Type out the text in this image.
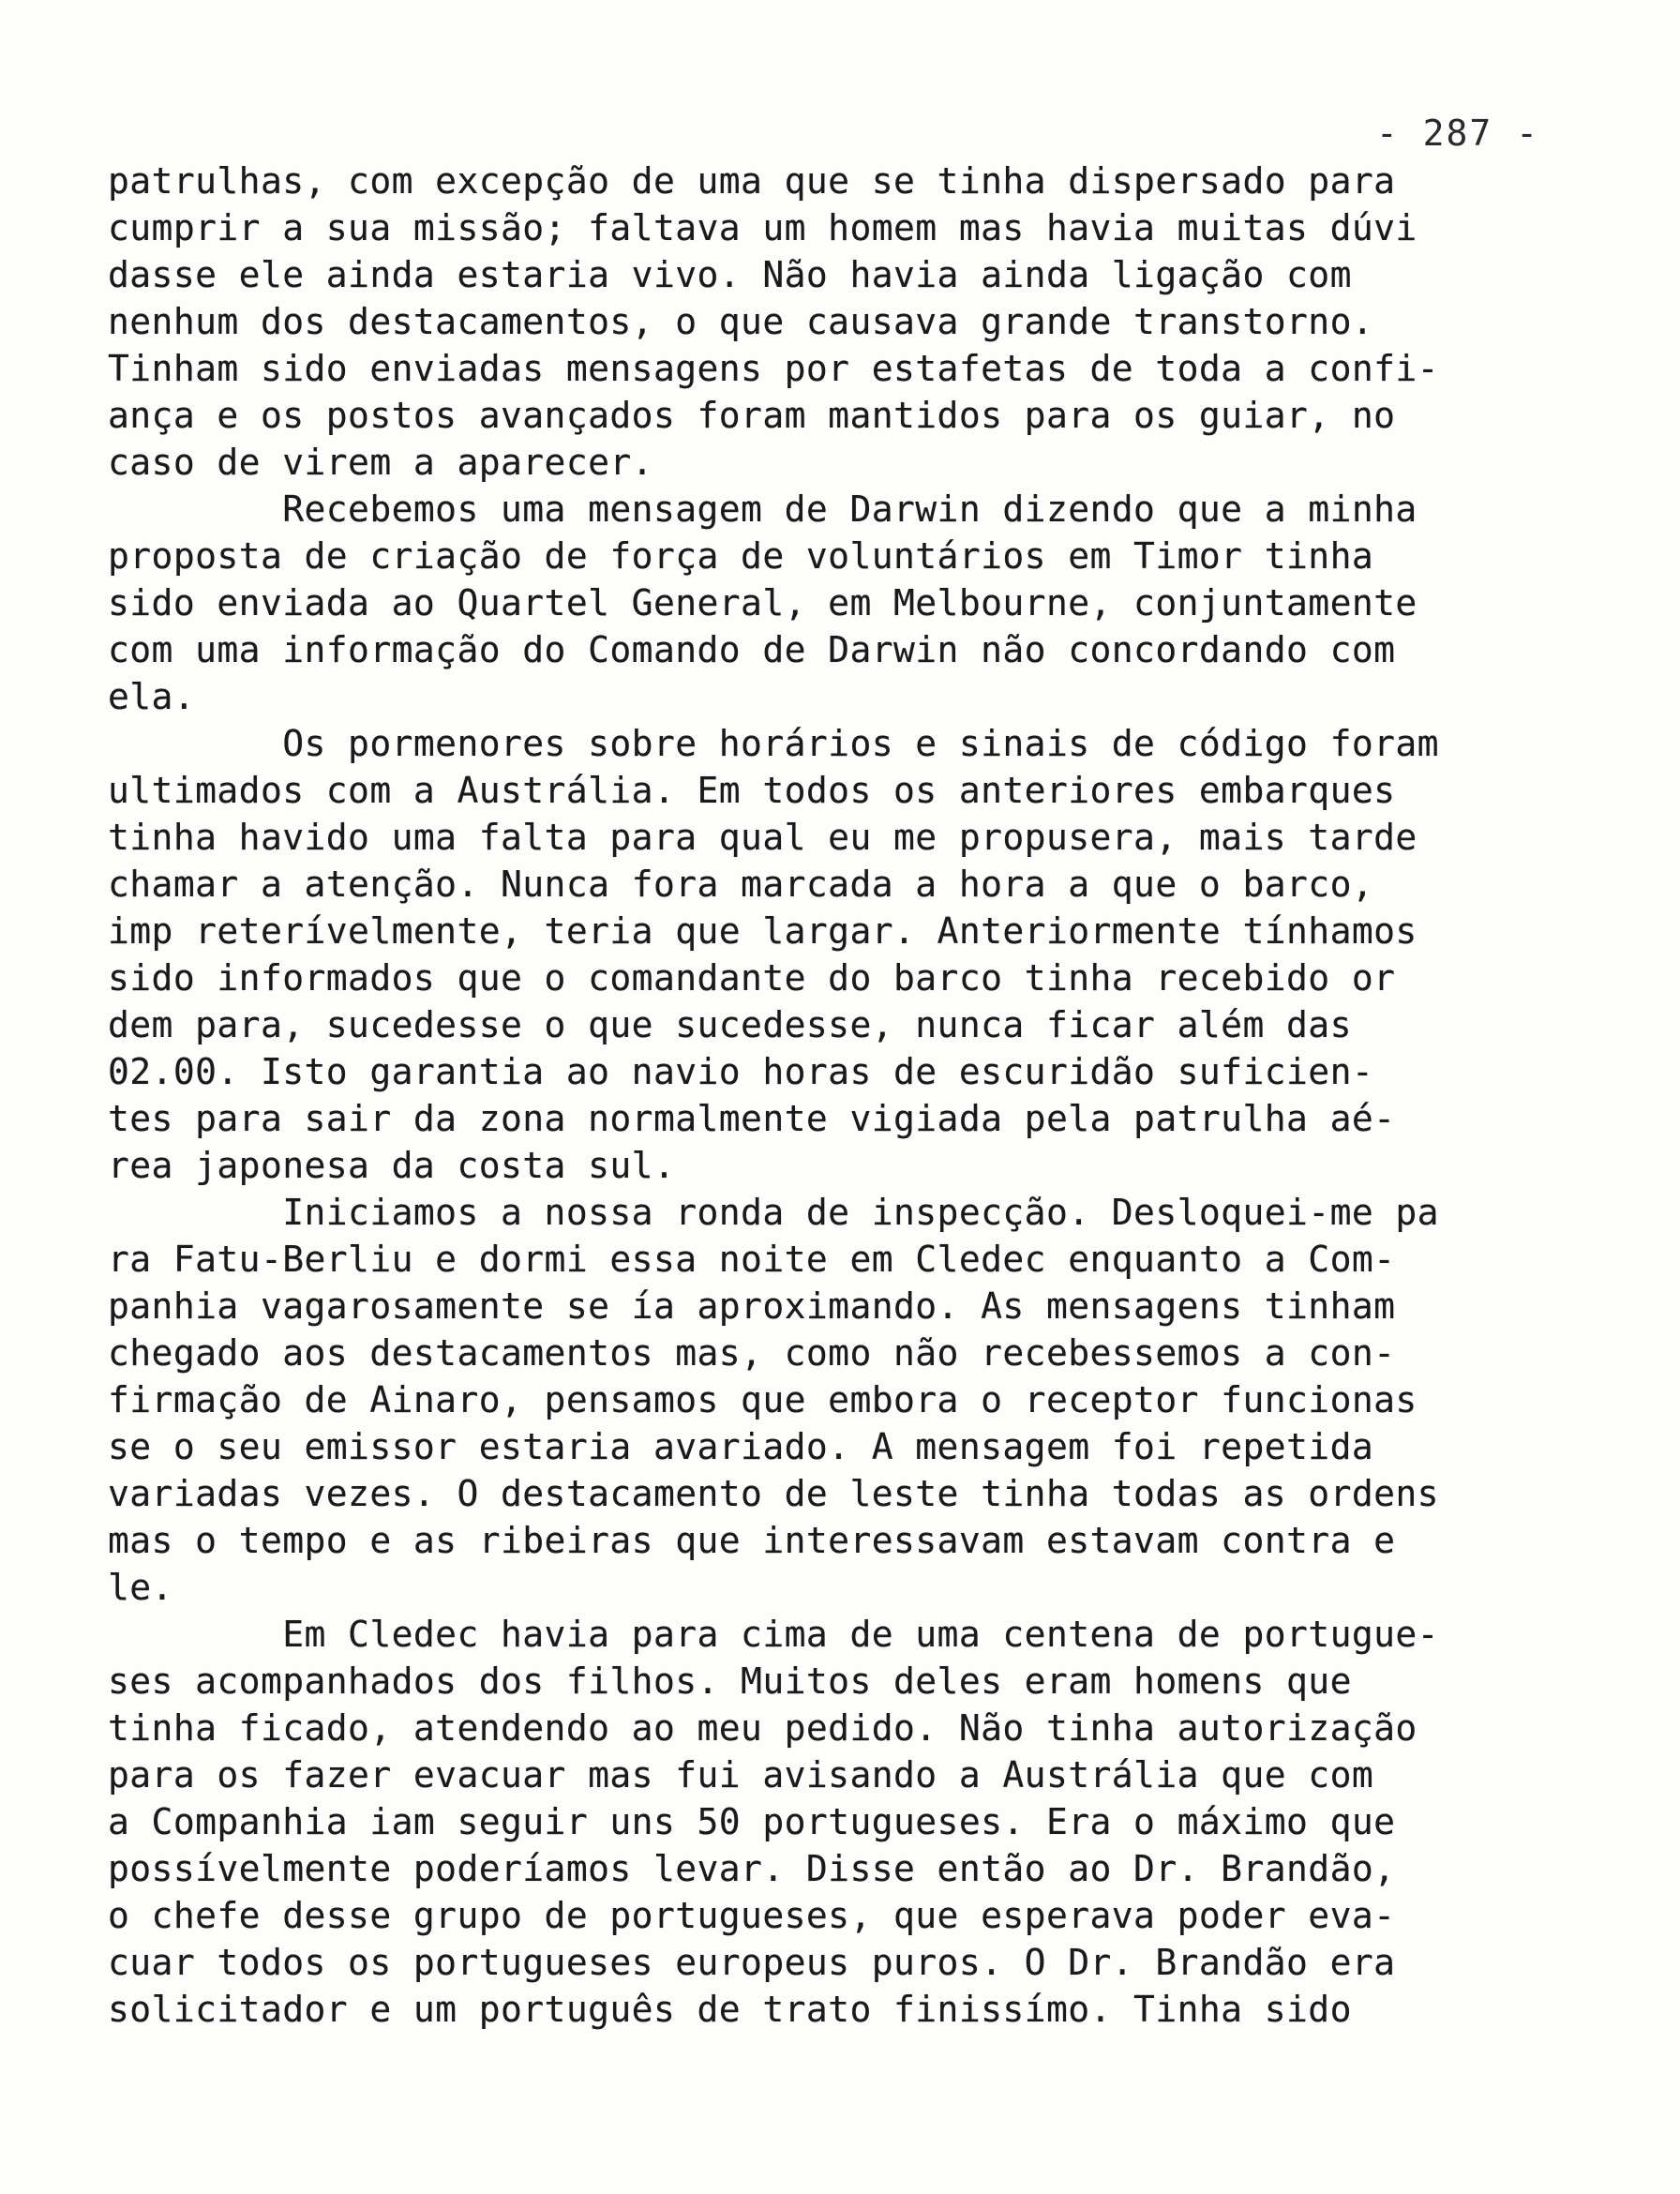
- 287 -
patrulhas, com excepção de uma que se tinha dispersado para
cumprir a sua missão; faltava um homem mas havia muitas dúvi
dasse ele ainda estaria vivo. Não havia ainda ligação com
nenhum dos destacamentos, o que causava grande transtorno.
Tinham sido enviadas mensagens por estafetas de toda a confi-
ança e os postos avançados foram mantidos para os guiar, no
caso de virem a aparecer.
Recebemos uma mensagem de Darwin dizendo que a minha
proposta de criação de força de voluntários em Timor tinha
sido enviada ao Quartel General, em Melbourne, conjuntamente
com uma informação do Comando de Darwin não concordando com
ela.
Os pormenores sobre horários e sinais de código foram
ultimados com a Austrália. Em todos os anteriores embarques
tinha havido uma falta para qual eu me propusera, mais tarde
chamar a atenção. Nunca fora marcada a hora a que o barco,
imp reterívelmente, teria que largar. Anteriormente tínhamos
sido informados que o comandante do barco tinha recebido or
dem para, sucedesse o que sucedesse, nunca ficar além das
02.00. Isto garantia ao navio horas de escuridão suficien-
tes para sair da zona normalmente vigiada pela patrulha aé-
rea japonesa da costa sul.
Iniciamos a nossa ronda de inspecção. Desloquei-me pa
ra Fatu-Berliu e dormi essa noite em Cledec enquanto a Com-
panhia vagarosamente se ía aproximando. As mensagens tinham
chegado aos destacamentos mas, como não recebessemos a con-
firmação de Ainaro, pensamos que embora o receptor funcionas
se o seu emissor estaria avariado. A mensagem foi repetida
variadas vezes. O destacamento de leste tinha todas as ordens
mas o tempo e as ribeiras que interessavam estavam contra e
le.
Em Cledec havia para cima de uma centena de portugue-
ses acompanhados dos filhos. Muitos deles eram homens que
tinha ficado, atendendo ao meu pedido. Não tinha autorização
para os fazer evacuar mas fui avisando a Austrália que com
a Companhia iam seguir uns 50 portugueses. Era o máximo que
possívelmente poderíamos levar. Disse então ao Dr. Brandão,
o chefe desse grupo de portugueses, que esperava poder eva-
cuar todos os portugueses europeus puros. O Dr. Brandão era
solicitador e um português de trato finissímo. Tinha sido
